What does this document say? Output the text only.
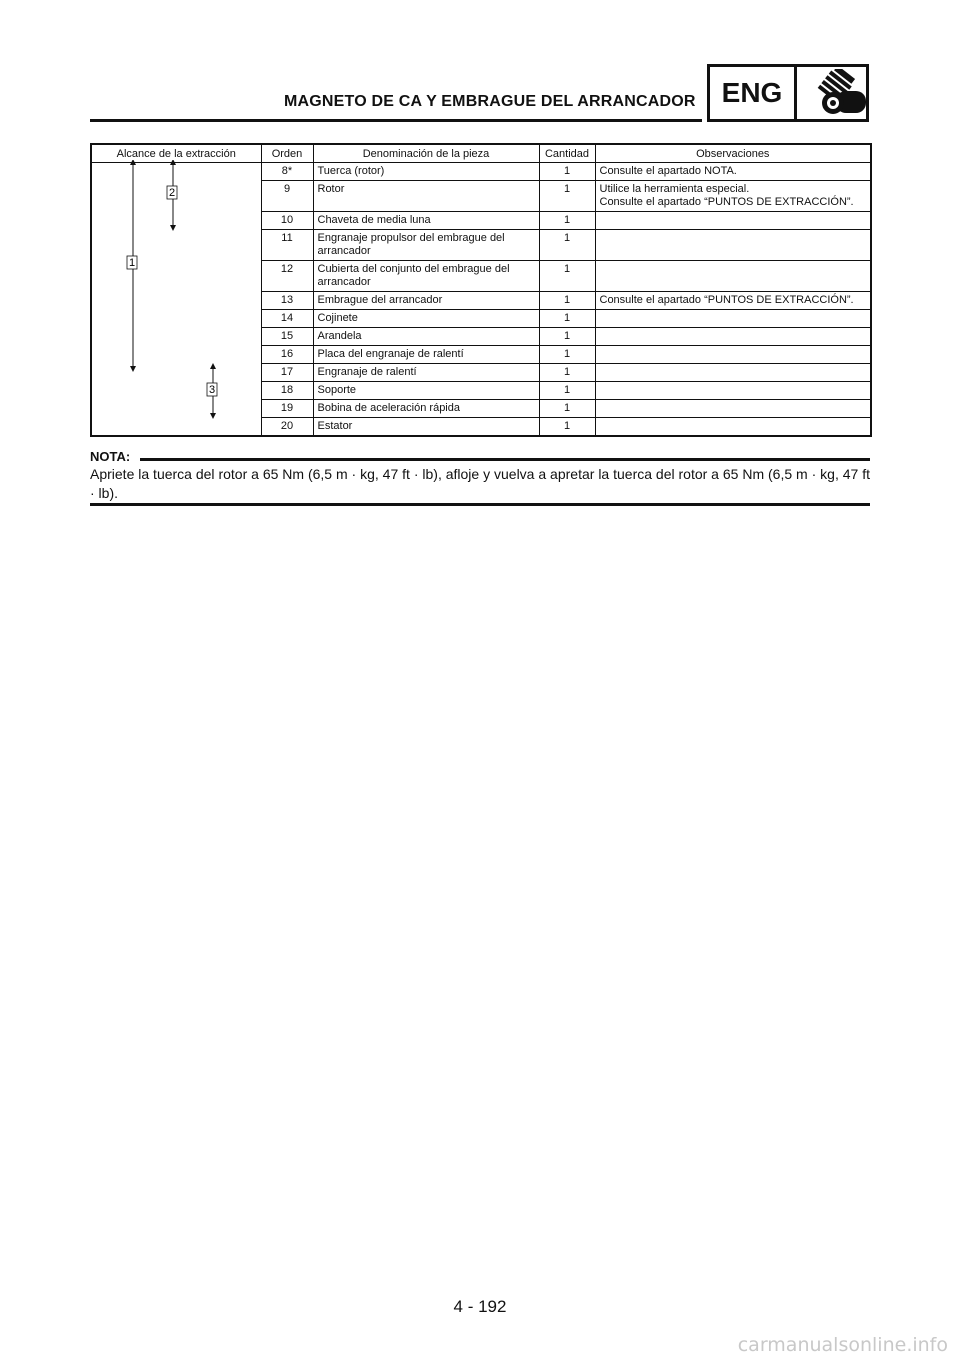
MAGNETO DE CA Y EMBRAGUE DEL ARRANCADOR ENG
Alcance de la extracción	Orden	Denominación de la pieza	Cantidad	Observaciones
	8*	Tuerca (rotor)	1	Consulte el apartado NOTA.
	9	Rotor	1	Utilice la herramienta especial.
Consulte el apartado “PUNTOS DE EXTRACCIÓN”.
	10	Chaveta de media luna	1	
	11	Engranaje propulsor del embrague del arrancador	1	
	12	Cubierta del conjunto del embrague del arrancador	1	
	13	Embrague del arrancador	1	Consulte el apartado “PUNTOS DE EXTRACCIÓN”.
	14	Cojinete	1	
	15	Arandela	1	
	16	Placa del engranaje de ralentí	1	
	17	Engranaje de ralentí	1	
	18	Soporte	1	
	19	Bobina de aceleración rápida	1	
	20	Estator	1	
1
2
3
NOTA:
Apriete la tuerca del rotor a 65 Nm (6,5 m · kg, 47 ft · lb), afloje y vuelva a apretar la tuerca del rotor a 65 Nm (6,5 m · kg, 47 ft · lb).
4 - 192
carmanualsonline.info
